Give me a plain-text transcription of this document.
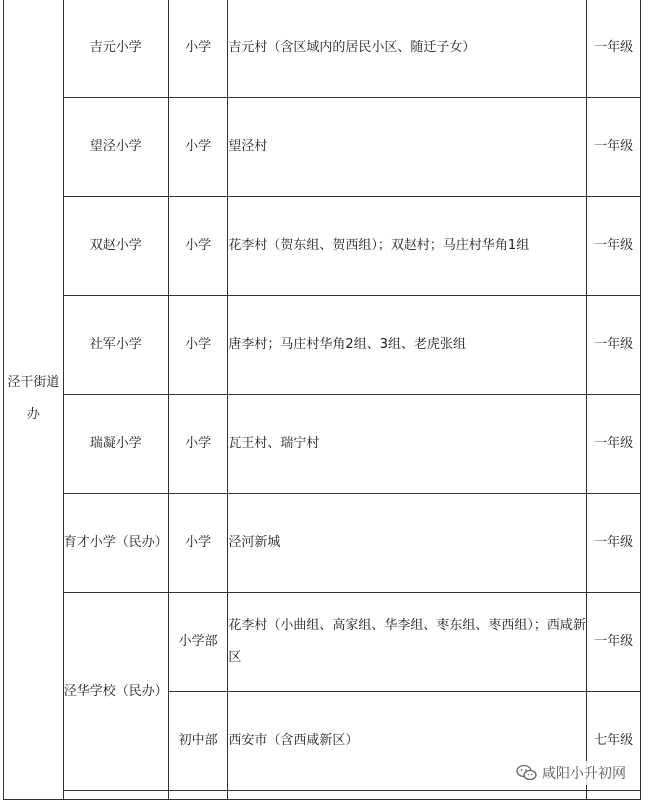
泾干街道办	吉元小学	小学	吉元村（含区域内的居民小区、随迁子女）	一年级
	望泾小学	小学	望泾村	一年级
	双赵小学	小学	花李村（贺东组、贺西组）；双赵村；马庄村华角1组	一年级
	社军小学	小学	唐李村；马庄村华角2组、3组、老虎张组	一年级
	瑞凝小学	小学	瓦王村、瑞宁村	一年级
	育才小学（民办）	小学	泾河新城	一年级
	泾华学校（民办）	小学部	花李村（小曲组、高家组、华李组、枣东组、枣西组）；西咸新区	一年级
		初中部	西安市（含西咸新区）	七年级

咸阳小升初网
